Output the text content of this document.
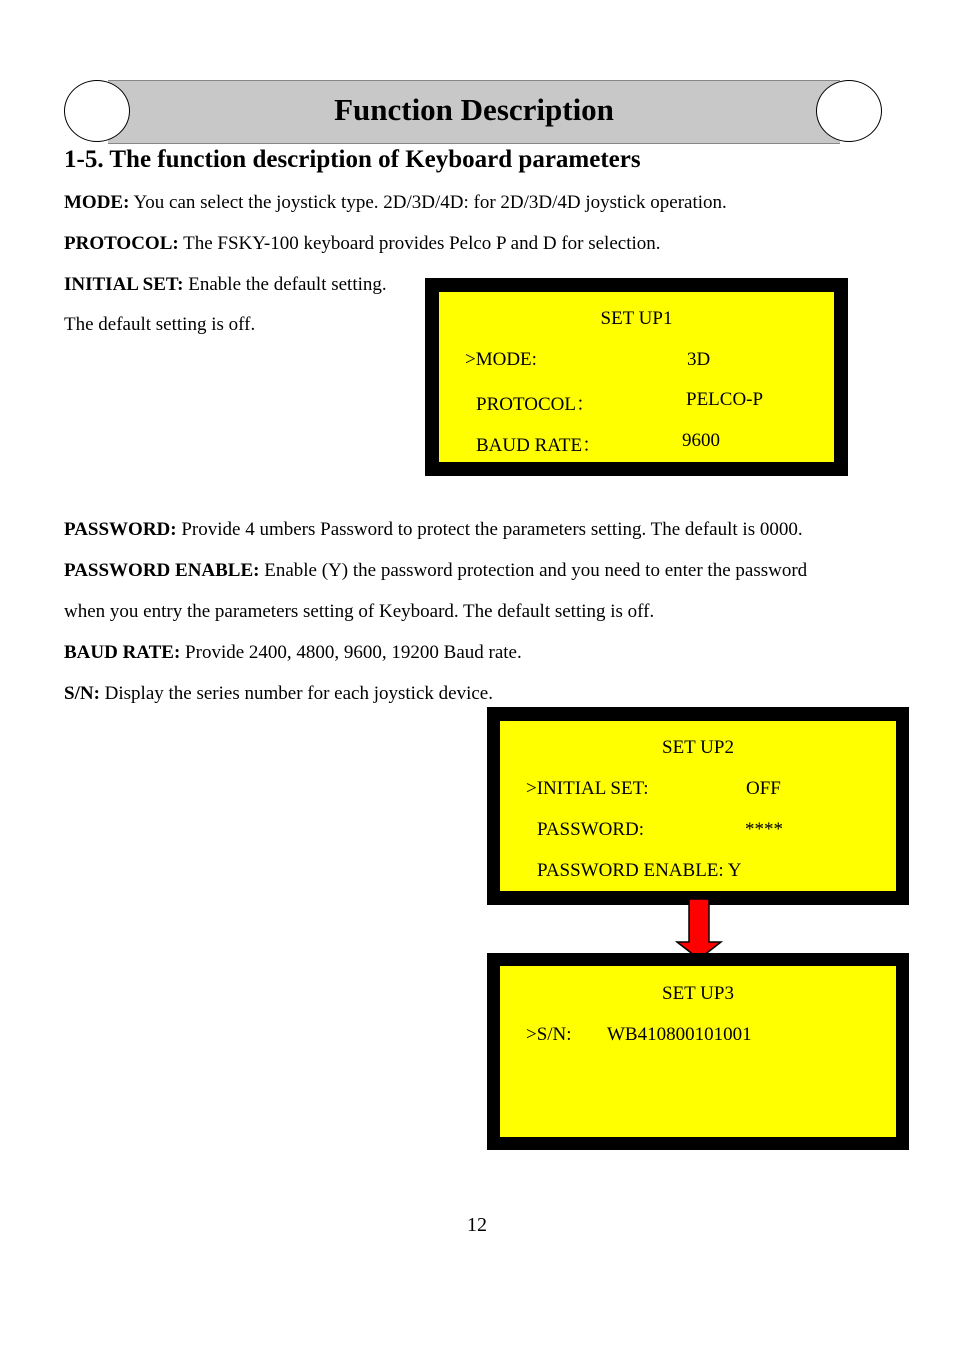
Function Description
1-5. The function description of Keyboard parameters
MODE: You can select the joystick type. 2D/3D/4D: for 2D/3D/4D joystick operation.
PROTOCOL: The FSKY-100 keyboard provides Pelco P and D for selection.
INITIAL SET: Enable the default setting.
The default setting is off.	SET UP1
>MODE:	3D
PROTOCOL：	PELCO-P
BAUD RATE：	9600
PASSWORD: Provide 4 umbers Password to protect the parameters setting. The default is 0000.
PASSWORD ENABLE: Enable (Y) the password protection and you need to enter the password
when you entry the parameters setting of Keyboard. The default setting is off.
BAUD RATE: Provide 2400, 4800, 9600, 19200 Baud rate.
S/N: Display the series number for each joystick device.
SET UP2
>INITIAL SET:	OFF
PASSWORD:	****
PASSWORD ENABLE: Y
SET UP3
>S/N: WB410800101001
12
